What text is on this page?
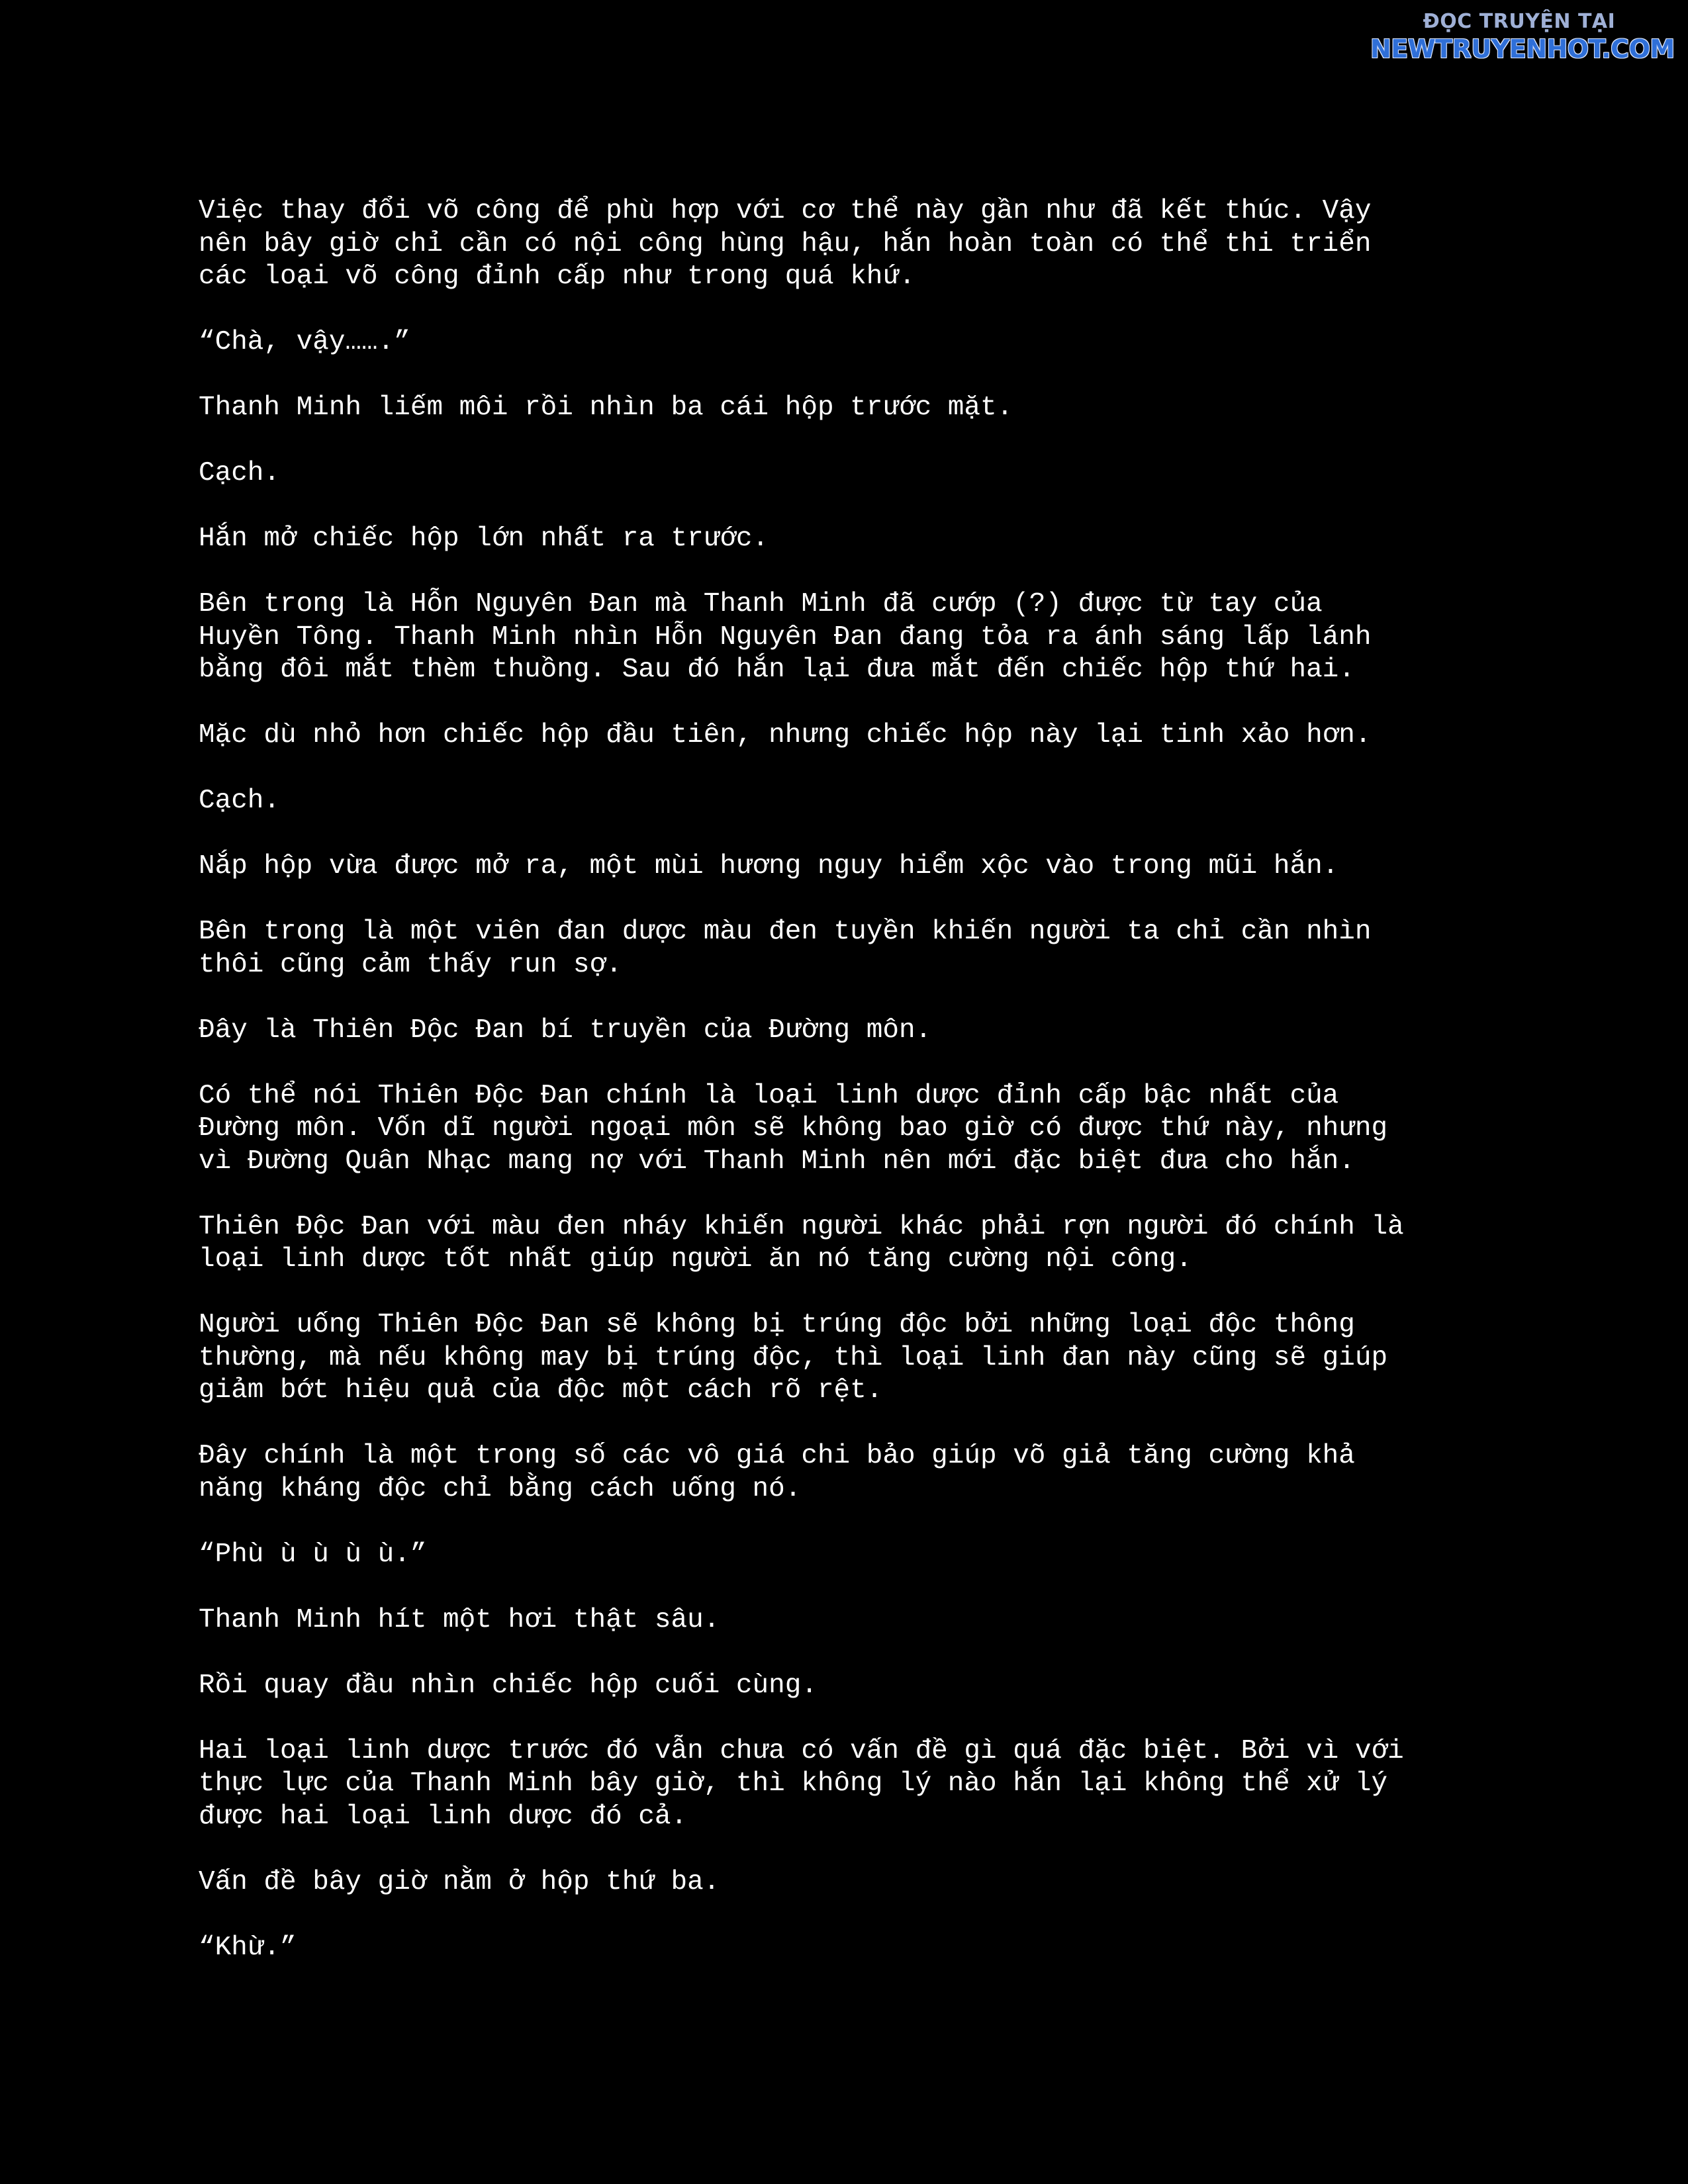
ĐỌC TRUYỆN TẠI
NEWTRUYENHOT.COM

Việc thay đổi võ công để phù hợp với cơ thể này gần như đã kết thúc. Vậy
nên bây giờ chỉ cần có nội công hùng hậu, hắn hoàn toàn có thể thi triển
các loại võ công đỉnh cấp như trong quá khứ.

“Chà, vậy…….”

Thanh Minh liếm môi rồi nhìn ba cái hộp trước mặt.

Cạch.

Hắn mở chiếc hộp lớn nhất ra trước.

Bên trong là Hỗn Nguyên Đan mà Thanh Minh đã cướp (?) được từ tay của
Huyền Tông. Thanh Minh nhìn Hỗn Nguyên Đan đang tỏa ra ánh sáng lấp lánh
bằng đôi mắt thèm thuồng. Sau đó hắn lại đưa mắt đến chiếc hộp thứ hai.

Mặc dù nhỏ hơn chiếc hộp đầu tiên, nhưng chiếc hộp này lại tinh xảo hơn.

Cạch.

Nắp hộp vừa được mở ra, một mùi hương nguy hiểm xộc vào trong mũi hắn.

Bên trong là một viên đan dược màu đen tuyền khiến người ta chỉ cần nhìn
thôi cũng cảm thấy run sợ.

Đây là Thiên Độc Đan bí truyền của Đường môn.

Có thể nói Thiên Độc Đan chính là loại linh dược đỉnh cấp bậc nhất của
Đường môn. Vốn dĩ người ngoại môn sẽ không bao giờ có được thứ này, nhưng
vì Đường Quân Nhạc mang nợ với Thanh Minh nên mới đặc biệt đưa cho hắn.

Thiên Độc Đan với màu đen nháy khiến người khác phải rợn người đó chính là
loại linh dược tốt nhất giúp người ăn nó tăng cường nội công.

Người uống Thiên Độc Đan sẽ không bị trúng độc bởi những loại độc thông
thường, mà nếu không may bị trúng độc, thì loại linh đan này cũng sẽ giúp
giảm bớt hiệu quả của độc một cách rõ rệt.

Đây chính là một trong số các vô giá chi bảo giúp võ giả tăng cường khả
năng kháng độc chỉ bằng cách uống nó.

“Phù ù ù ù ù.”

Thanh Minh hít một hơi thật sâu.

Rồi quay đầu nhìn chiếc hộp cuối cùng.

Hai loại linh dược trước đó vẫn chưa có vấn đề gì quá đặc biệt. Bởi vì với
thực lực của Thanh Minh bây giờ, thì không lý nào hắn lại không thể xử lý
được hai loại linh dược đó cả.

Vấn đề bây giờ nằm ở hộp thứ ba.

“Khừ.”
